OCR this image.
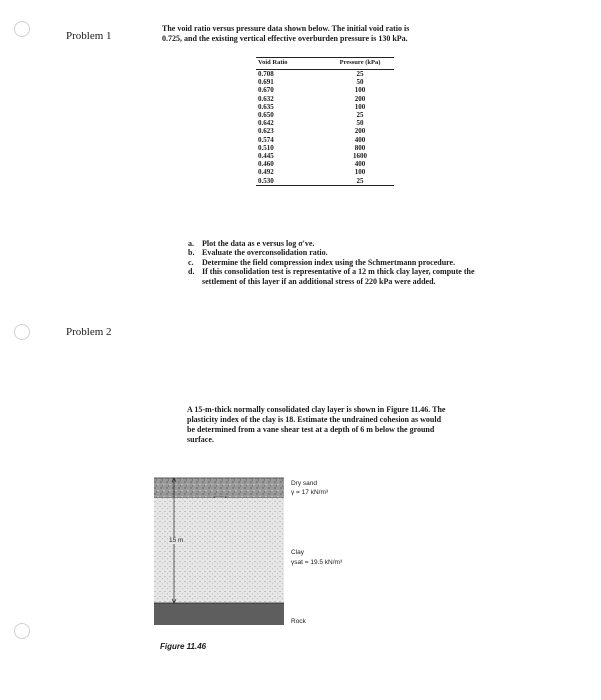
Problem 1
The void ratio versus pressure data shown below. The initial void ratio is
0.725, and the existing vertical effective overburden pressure is 130 kPa.
Void Ratio	Pressure (kPa)
0.708	25
0.691	50
0.670	100
0.632	200
0.635	100
0.650	25
0.642	50
0.623	200
0.574	400
0.510	800
0.445	1600
0.460	400
0.492	100
0.530	25
a. Plot the data as e versus log σ′ve.
b. Evaluate the overconsolidation ratio.
c. Determine the field compression index using the Schmertmann procedure.
d. If this consolidation test is representative of a 12 m thick clay layer, compute the settlement of this layer if an additional stress of 220 kPa were added.
Problem 2
A 15-m-thick normally consolidated clay layer is shown in Figure 11.46. The
plasticity index of the clay is 18. Estimate the undrained cohesion as would
be determined from a vane shear test at a depth of 6 m below the ground
surface.
15 m
Dry sand
γ = 17 kN/m³
Clay
γsat = 19.5 kN/m³
Rock
Figure 11.46
